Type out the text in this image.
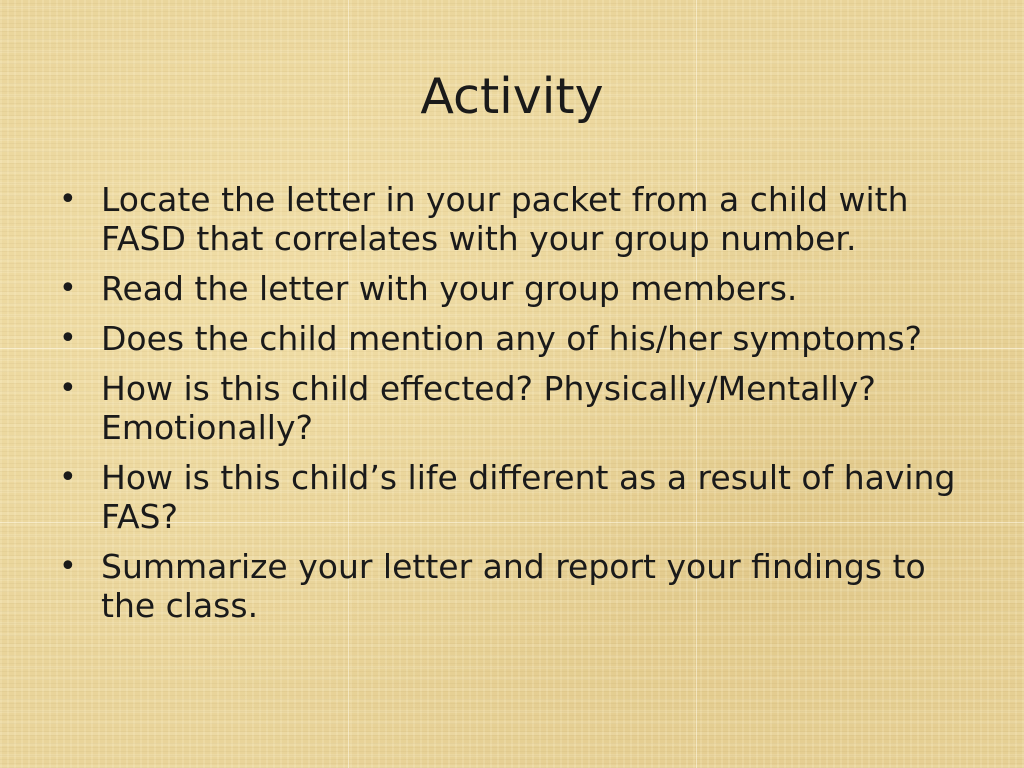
Activity
• Locate the letter in your packet from a child with FASD that correlates with your group number.
• Read the letter with your group members.
• Does the child mention any of his/her symptoms?
• How is this child effected? Physically/Mentally? Emotionally?
• How is this child’s life different as a result of having FAS?
• Summarize your letter and report your findings to the class.
